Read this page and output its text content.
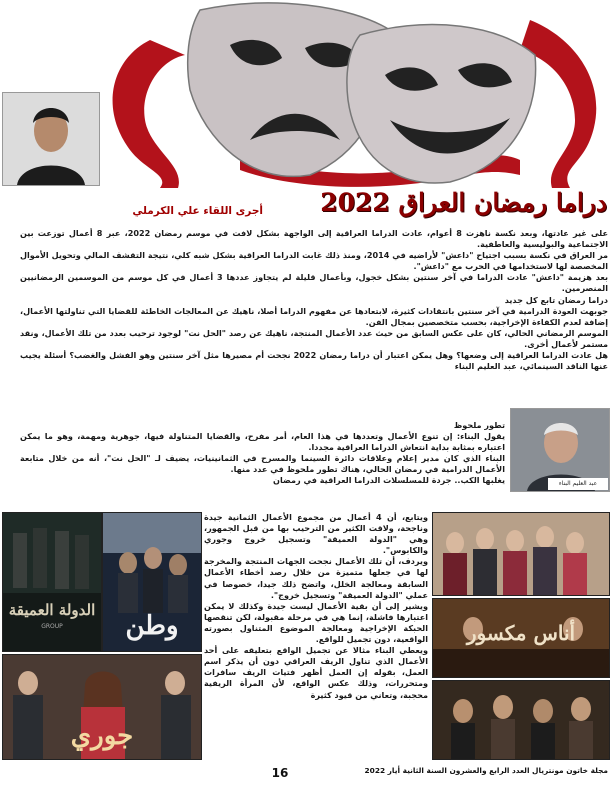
دراما رمضان العراق 2022
أجرى اللقاء علي الكرملي

على غير عادتها، وبعد نكسة ناهزت 8 أعوام، عادت الدراما العراقية إلى الواجهة بشكل لافت في موسم رمضان 2022، عبر 8 أعمال توزعت بين الاجتماعية والبوليسية والعاطفية.

مر العراق في نكسة بسبب اجتياح "داعش" لأراضيه في 2014، ومنذ ذلك غابت الدراما العراقية بشكل شبه كلي، نتيجة التقشف المالي وتحويل الأموال المخصصة لها لاستخدامها في الحرب مع "داعش".

بعد هزيمة "داعش" عادت الدراما في آخر سنتين بشكل خجول، وبأعمال قليلة لم يتجاوز عددها 3 أعمال في كل موسم من الموسمين الرمضانيين المنصرمين.

دراما رمضان تابع كل جديد

جوبهت العودة الدرامية في آخر سنتين بانتقادات كثيرة، لابتعادها عن مفهوم الدراما أصلا، ناهيك عن المعالجات الخاطئة للقضايا التي تناولتها الأعمال، إضافة لعدم الكفاءة الإخراجية، بحسب متخصصين بمجال الفن.

الموسم الرمضاني الحالي، كان على عكس السابق من حيث عدد الأعمال المنتجة، ناهيك عن رصد "الحل نت" لوجود ترحيب بعدد من تلك الأعمال، ونقد مستمر لأعمال أخرى.

هل عادت الدراما العراقية إلى وضعها؟ وهل يمكن اعتبار أن دراما رمضان 2022 نجحت أم مصيرها مثل آخر سنتين وهو الفشل والغضب؟ أسئلة يجيب عنها الناقد السينمائي، عبد العليم البناء

تطور ملحوظ

يقول البناء: إن تنوع الأعمال وتعددها في هذا العام، أمر مفرح، والقضايا المتناولة فيها، جوهرية ومهمة، وهو ما يمكن اعتباره بمثابة بداية انتعاش الدراما العراقية مجددا.

البناء الذي كان مدير إعلام وعلاقات دائرة السينما والمسرح في الثمانينيات، يضيف لـ "الحل نت"، أنه من خلال متابعة الأعمال الدرامية في رمضان الحالي، هناك تطور ملحوظ في عدد منها.

يغلبها الكب.. جردة للمسلسلات الدراما العراقية في رمضان	عبد العليم البناء
الدولة العميقة
GROUP	وطن
جوري

ويتابع، أن 4 أعمال من مجموع الأعمال الثمانية جيدة وناجحة، ولاقت الكثير من الترحيب بها من قبل الجمهور، وهي "الدولة العميقة" وتسجيل خروج وجوري والكابوس".

ويردف، أن تلك الأعمال نجحت الجهات المنتجة والمخرجة لها في جعلها متميزة من خلال رصد أخطاء الأعمال السابقة ومعالجة الخلل، واتضح ذلك جيدا، خصوصا في عملي "الدولة العميقة" وتسجيل خروج".

ويشير إلى أن بقية الأعمال ليست جيدة وكذلك لا يمكن اعتبارها فاشلة، إنما هي في مرحلة مقبولة، لكن تنقصها الحبكة الإخراجية ومعالجة الموضوع المتناول بصورته الواقعية، دون تجميل للواقع.

ويعطي البناء مثالا عن تجميل الواقع بتعليقه على أحد الأعمال الذي تناول الريف العراقي دون أن يذكر اسم العمل، بقوله إن العمل أظهر فتيات الريف سافرات ومتحررات، وذلك عكس الواقع، لأن المرأة الريفية محجبة، وتعاني من قيود كثيرة

أناس مكسور
16	مجلة خاتون مونتريال العدد الرابع والعشرون السنة الثانية أيار 2022
